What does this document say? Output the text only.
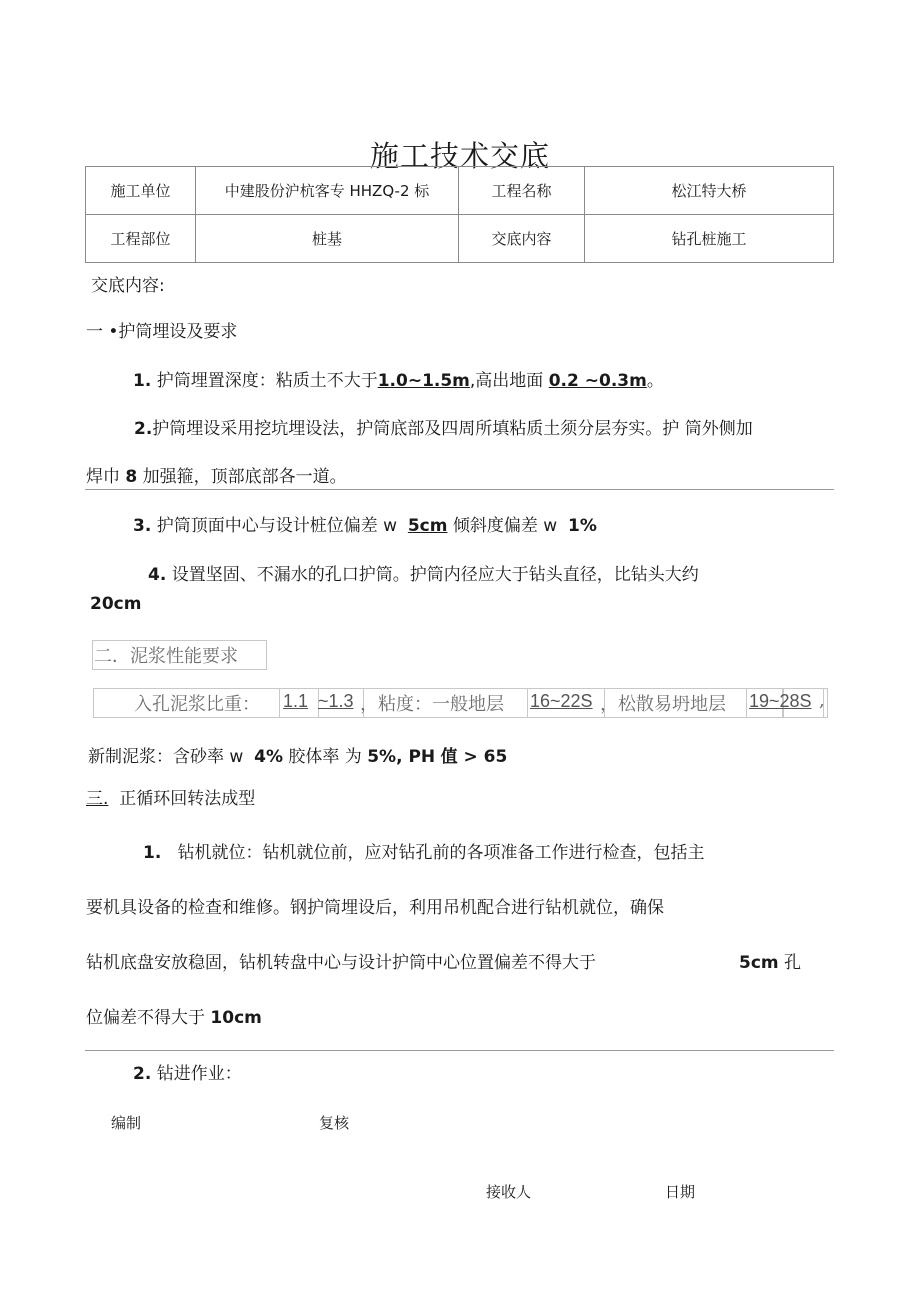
施工技术交底
施工单位	中建股份沪杭客专 HHZQ-2 标	工程名称	松江特大桥
工程部位	桩基	交底内容	钻孔桩施工
交底内容:
一 •护筒埋设及要求
1. 护筒埋置深度：粘质土不大于1.0~1.5m,高出地面 0.2 ~0.3m。
2.护筒埋设采用挖坑埋设法，护筒底部及四周所填粘质土须分层夯实。护 筒外侧加
焊巾 8 加强箍，顶部底部各一道。
3. 护筒顶面中心与设计桩位偏差 w 5cm 倾斜度偏差 w 1%
4. 设置坚固、不漏水的孔口护筒。护筒内径应大于钻头直径，比钻头大约
20cm
二．泥浆性能要求
入孔泥浆比重： 1.1 ~1.3 ，粘度：一般地层 16~22S ，松散易坍地层 19~28S ,
新制泥浆：含砂率 w 4% 胶体率 为 5%, PH 值 > 65
三. 正循环回转法成型
1. 钻机就位：钻机就位前，应对钻孔前的各项准备工作进行检查，包括主
要机具设备的检查和维修。钢护筒埋设后，利用吊机配合进行钻机就位，确保
钻机底盘安放稳固，钻机转盘中心与设计护筒中心位置偏差不得大于	5cm 孔
位偏差不得大于 10cm
2. 钻进作业：
编制	复核
接收人	日期
